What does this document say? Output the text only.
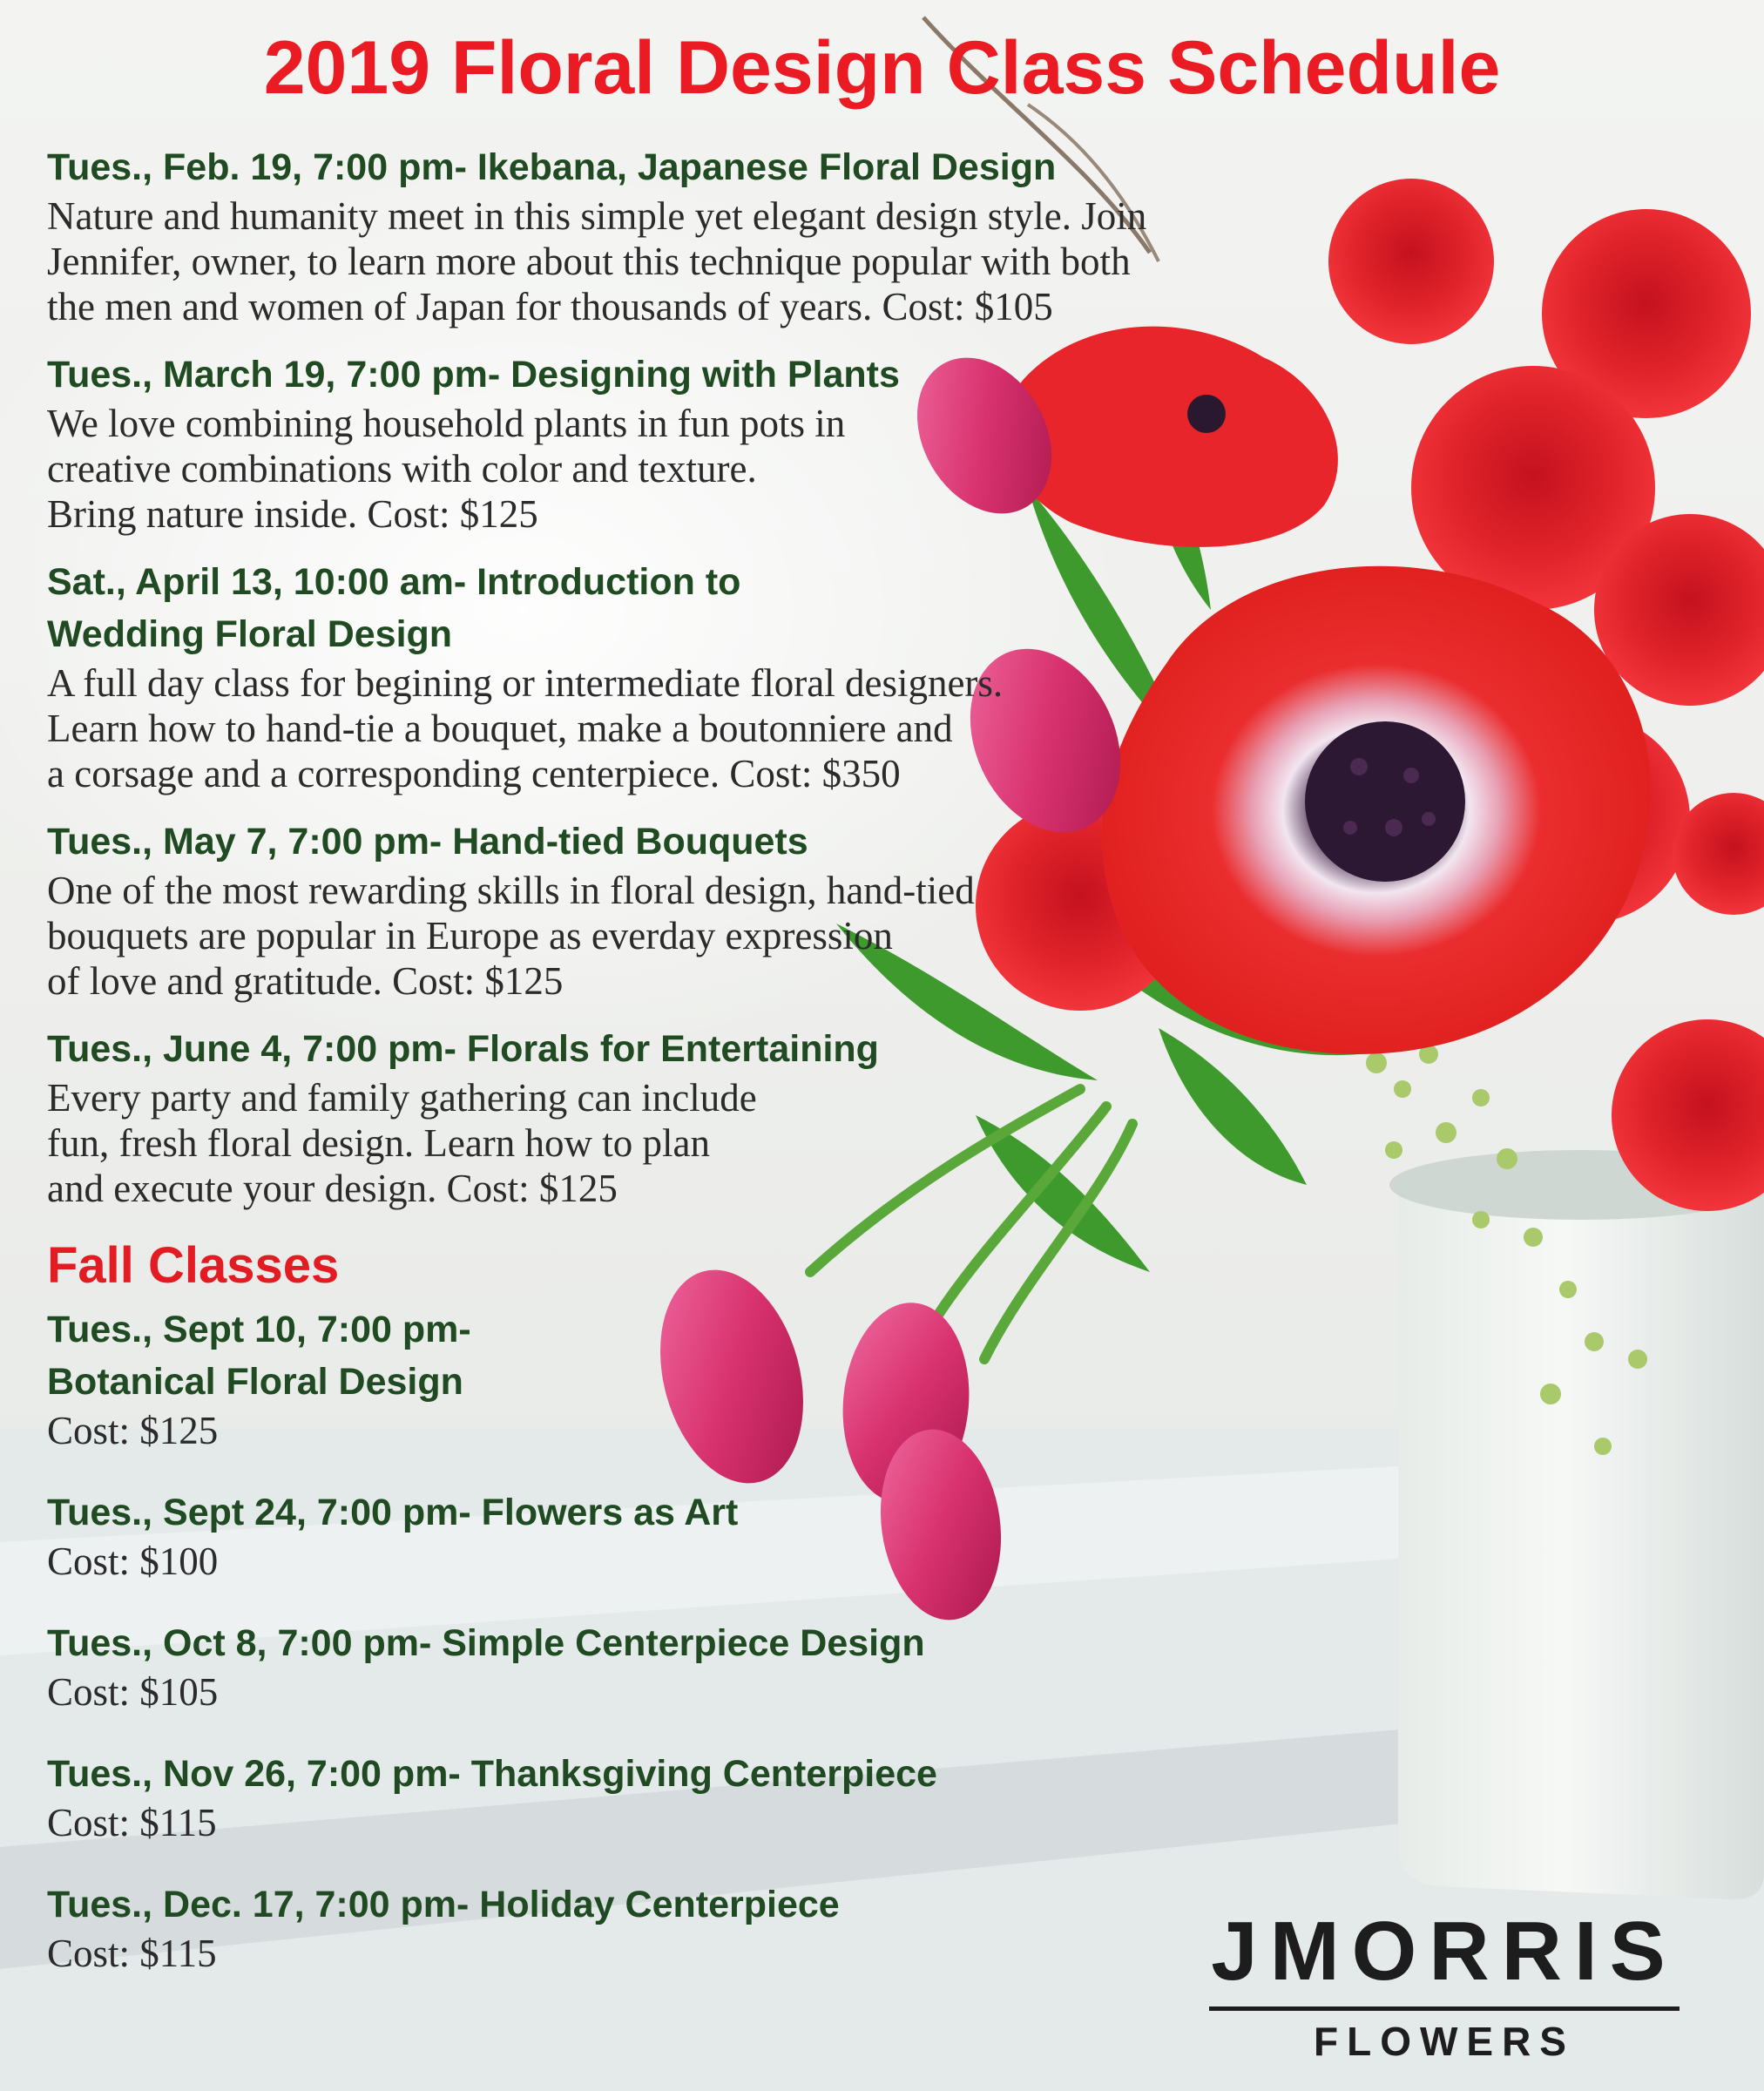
2019 Floral Design Class Schedule
Tues., Feb. 19, 7:00 pm- Ikebana, Japanese Floral Design
Nature and humanity meet in this simple yet elegant design style. Join
Jennifer, owner, to learn more about this technique popular with both
the men and women of Japan for thousands of years. Cost: $105
Tues., March 19, 7:00 pm- Designing with Plants
We love combining household plants in fun pots in
creative combinations with color and texture.
Bring nature inside. Cost: $125
Sat., April 13, 10:00 am- Introduction to
Wedding Floral Design
A full day class for begining or intermediate floral designers.
Learn how to hand-tie a bouquet, make a boutonniere and
a corsage and a corresponding centerpiece. Cost: $350
Tues., May 7, 7:00 pm- Hand-tied Bouquets
One of the most rewarding skills in floral design, hand-tied
bouquets are popular in Europe as everday expression
of love and gratitude. Cost: $125
Tues., June 4, 7:00 pm- Florals for Entertaining
Every party and family gathering can include
fun, fresh floral design. Learn how to plan
and execute your design. Cost: $125
Fall Classes
Tues., Sept 10, 7:00 pm-
Botanical Floral Design
Cost: $125
Tues., Sept 24, 7:00 pm- Flowers as Art
Cost: $100
Tues., Oct 8, 7:00 pm- Simple Centerpiece Design
Cost: $105
Tues., Nov 26, 7:00 pm- Thanksgiving Centerpiece
Cost: $115
Tues., Dec. 17, 7:00 pm- Holiday Centerpiece
Cost: $115	JMORRIS
FLOWERS
